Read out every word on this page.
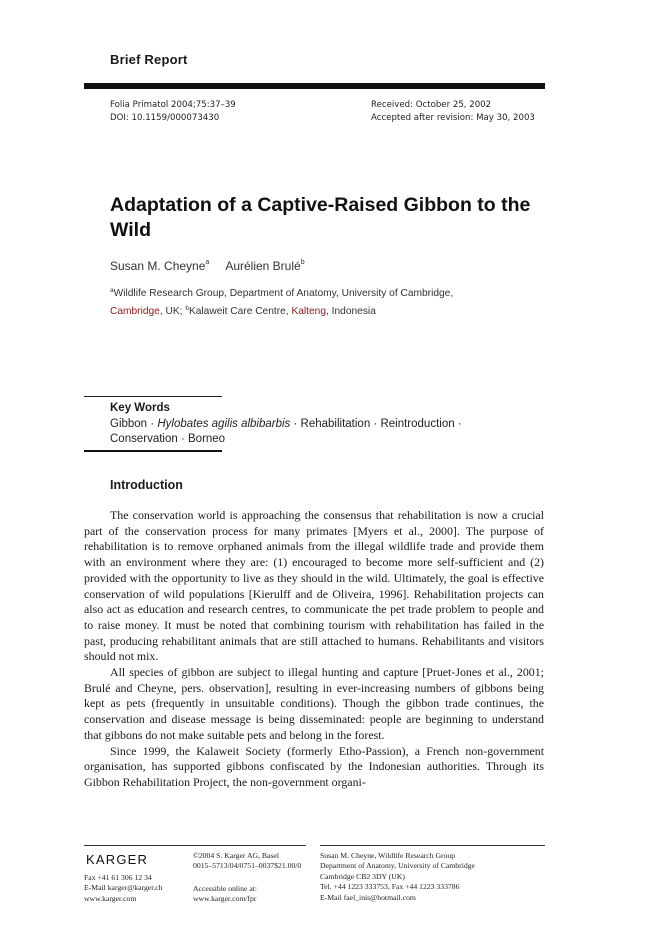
Brief Report
Folia Primatol 2004;75:37–39
DOI: 10.1159/000073430
Received: October 25, 2002
Accepted after revision: May 30, 2003
Adaptation of a Captive-Raised Gibbon to the Wild
Susan M. Cheyne$^a$ Aurélien Brulé$^b$
$^a$Wildlife Research Group, Department of Anatomy, University of Cambridge,
Cambridge, UK; $^b$Kalaweit Care Centre, Kalteng, Indonesia
Key Words
Gibbon · Hylobates agilis albibarbis · Rehabilitation · Reintroduction ·
Conservation · Borneo
Introduction

The conservation world is approaching the consensus that rehabilitation is now a crucial part of the conservation process for many primates [Myers et al., 2000]. The purpose of rehabilitation is to remove orphaned animals from the illegal wildlife trade and provide them with an environment where they are: (1) encouraged to become more self-sufficient and (2) provided with the opportunity to live as they should in the wild. Ultimately, the goal is effective conservation of wild populations [Kierulff and de Oliveira, 1996]. Rehabilitation projects can also act as education and research centres, to communicate the pet trade problem to people and to raise money. It must be noted that combining tourism with rehabilitation has failed in the past, producing rehabilitant animals that are still attached to humans. Rehabilitants and visitors should not mix.

All species of gibbon are subject to illegal hunting and capture [Pruet-Jones et al., 2001; Brulé and Cheyne, pers. observation], resulting in ever-increasing numbers of gibbons being kept as pets (frequently in unsuitable conditions). Though the gibbon trade continues, the conservation and disease message is being disseminated: people are beginning to understand that gibbons do not make suitable pets and belong in the forest.

Since 1999, the Kalaweit Society (formerly Etho-Passion), a French non-government organisation, has supported gibbons confiscated by the Indonesian authorities. Through its Gibbon Rehabilitation Project, the non-government organi-

KARGER
Fax +41 61 306 12 34
E-Mail karger@karger.ch
www.karger.com
©2004 S. Karger AG, Basel
0015–5713/04/0751–0037$21.00/0
Accessible online at:
www.karger.com/fpr
Susan M. Cheyne, Wildlife Research Group
Department of Anatomy, University of Cambridge
Cambridge CB2 3DY (UK)
Tel. +44 1223 333753, Fax +44 1223 333786
E-Mail fael_inis@hotmail.com
